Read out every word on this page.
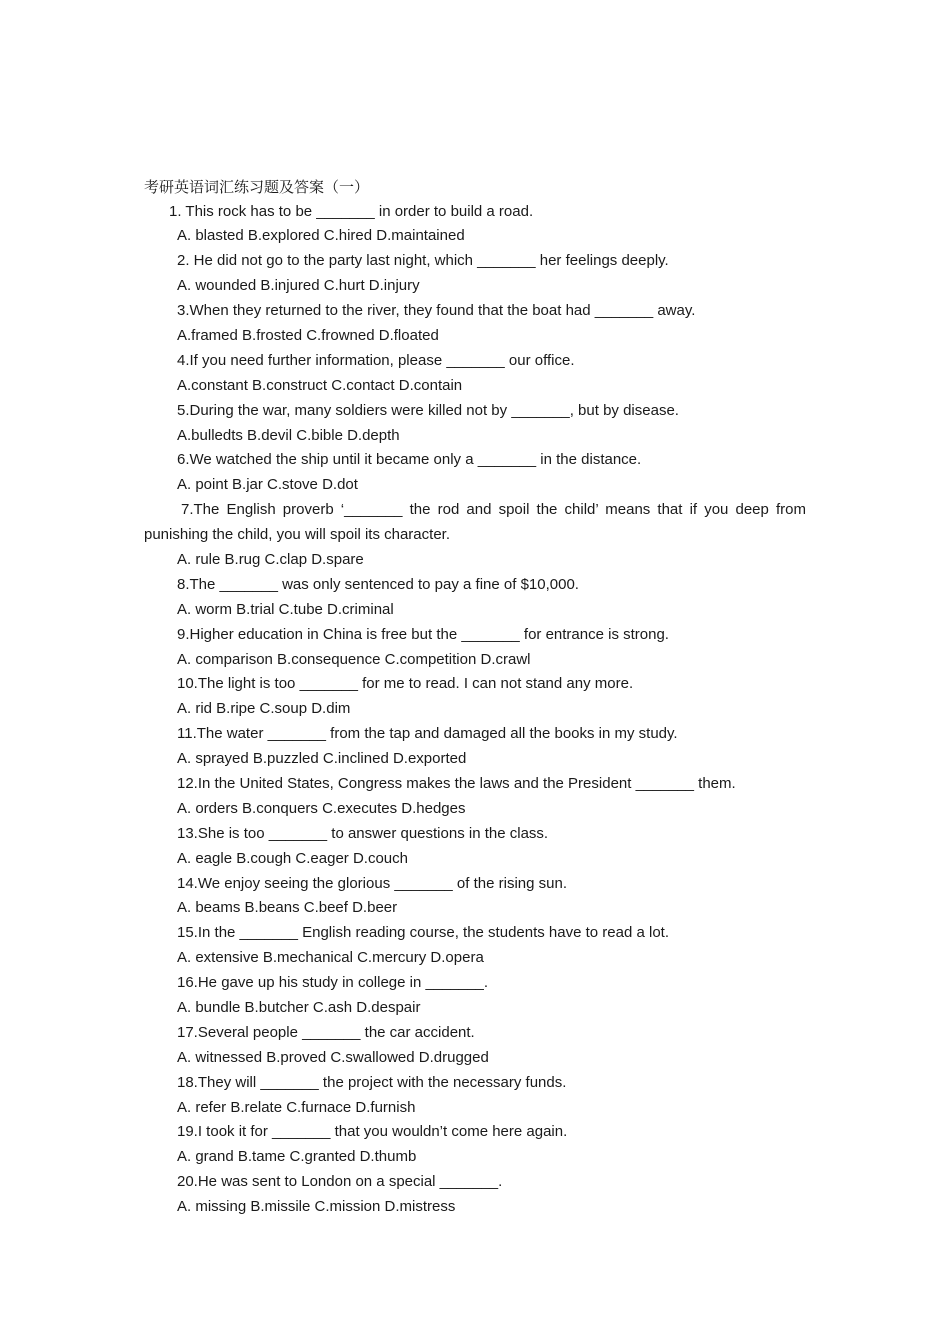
考研英语词汇练习题及答案（一）
1. This rock has to be _______ in order to build a road.
A. blasted B.explored C.hired D.maintained
2. He did not go to the party last night, which _______ her feelings deeply.
A. wounded B.injured C.hurt D.injury
3.When they returned to the river, they found that the boat had _______ away.
A.framed B.frosted C.frowned D.floated
4.If you need further information, please _______ our office.
A.constant B.construct C.contact D.contain
5.During the war, many soldiers were killed not by _______, but by disease.
A.bulledts B.devil C.bible D.depth
6.We watched the ship until it became only a _______ in the distance.
A. point B.jar C.stove D.dot
7.The English proverb ‘_______ the rod and spoil the child’ means that if you deep from punishing the child, you will spoil its character.
A. rule B.rug C.clap D.spare
8.The _______ was only sentenced to pay a fine of $10,000.
A. worm B.trial C.tube D.criminal
9.Higher education in China is free but the _______ for entrance is strong.
A. comparison B.consequence C.competition D.crawl
10.The light is too _______ for me to read. I can not stand any more.
A. rid B.ripe C.soup D.dim
11.The water _______ from the tap and damaged all the books in my study.
A. sprayed B.puzzled C.inclined D.exported
12.In the United States, Congress makes the laws and the President _______ them.
A. orders B.conquers C.executes D.hedges
13.She is too _______ to answer questions in the class.
A. eagle B.cough C.eager D.couch
14.We enjoy seeing the glorious _______ of the rising sun.
A. beams B.beans C.beef D.beer
15.In the _______ English reading course, the students have to read a lot.
A. extensive B.mechanical C.mercury D.opera
16.He gave up his study in college in _______.
A. bundle B.butcher C.ash D.despair
17.Several people _______ the car accident.
A. witnessed B.proved C.swallowed D.drugged
18.They will _______ the project with the necessary funds.
A. refer B.relate C.furnace D.furnish
19.I took it for _______ that you wouldn’t come here again.
A. grand B.tame C.granted D.thumb
20.He was sent to London on a special _______.
A. missing B.missile C.mission D.mistress
